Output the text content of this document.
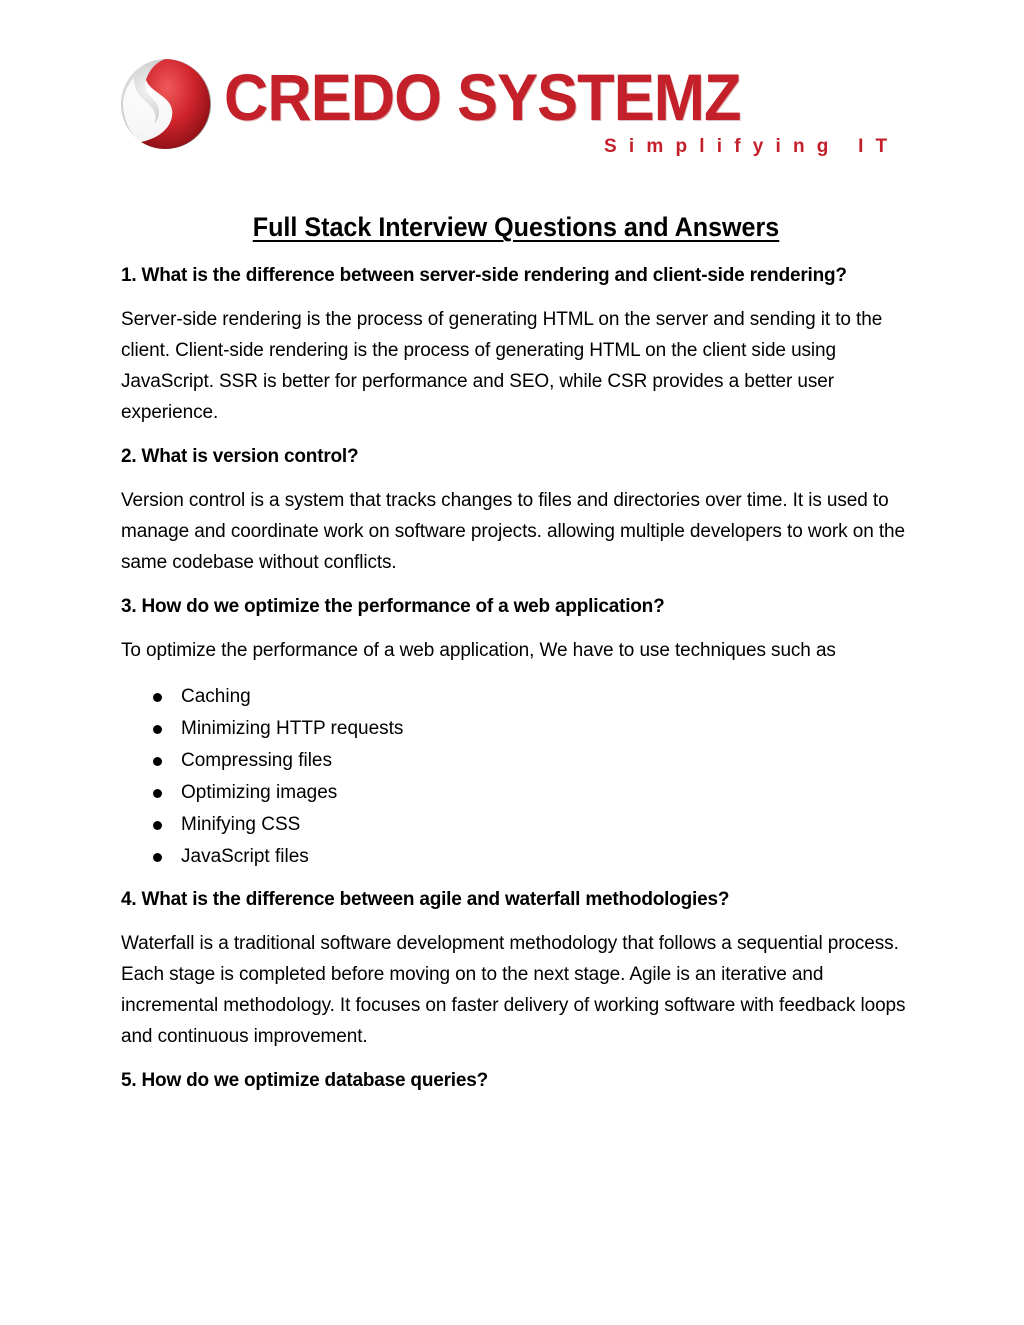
CREDO SYSTEMZ
Simplifying IT
Full Stack Interview Questions and Answers

1. What is the difference between server-side rendering and client-side rendering?

Server-side rendering is the process of generating HTML on the server and sending it to the client. Client-side rendering is the process of generating HTML on the client side using JavaScript. SSR is better for performance and SEO, while CSR provides a better user experience.

2. What is version control?

Version control is a system that tracks changes to files and directories over time. It is used to manage and coordinate work on software projects. allowing multiple developers to work on the same codebase without conflicts.

3. How do we optimize the performance of a web application?

To optimize the performance of a web application, We have to use techniques such as

Caching
Minimizing HTTP requests
Compressing files
Optimizing images
Minifying CSS
JavaScript files

4. What is the difference between agile and waterfall methodologies?

Waterfall is a traditional software development methodology that follows a sequential process. Each stage is completed before moving on to the next stage. Agile is an iterative and incremental methodology. It focuses on faster delivery of working software with feedback loops and continuous improvement.

5. How do we optimize database queries?
